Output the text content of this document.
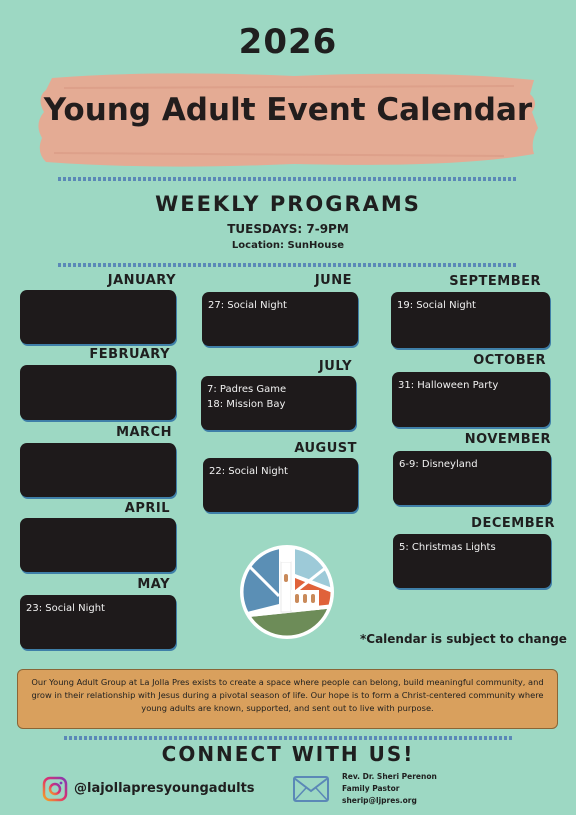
2026
Young Adult Event Calendar
WEEKLY PROGRAMS
TUESDAYS: 7-9PM
Location: SunHouse
JANUARY
FEBRUARY
MARCH
APRIL
MAY
23: Social Night
JUNE
27: Social Night
JULY
7: Padres Game
18: Mission Bay
AUGUST
22: Social Night
SEPTEMBER
19: Social Night
OCTOBER
31: Halloween Party
NOVEMBER
6-9: Disneyland
DECEMBER
5: Christmas Lights
*Calendar is subject to change
Our Young Adult Group at La Jolla Pres exists to create a space where people can belong, build meaningful community, and grow in their relationship with Jesus during a pivotal season of life. Our hope is to form a Christ-centered community where young adults are known, supported, and sent out to live with purpose.
CONNECT WITH US!
@lajollapresyoungadults
Rev. Dr. Sheri Perenon
Family Pastor
sherip@ljpres.org
